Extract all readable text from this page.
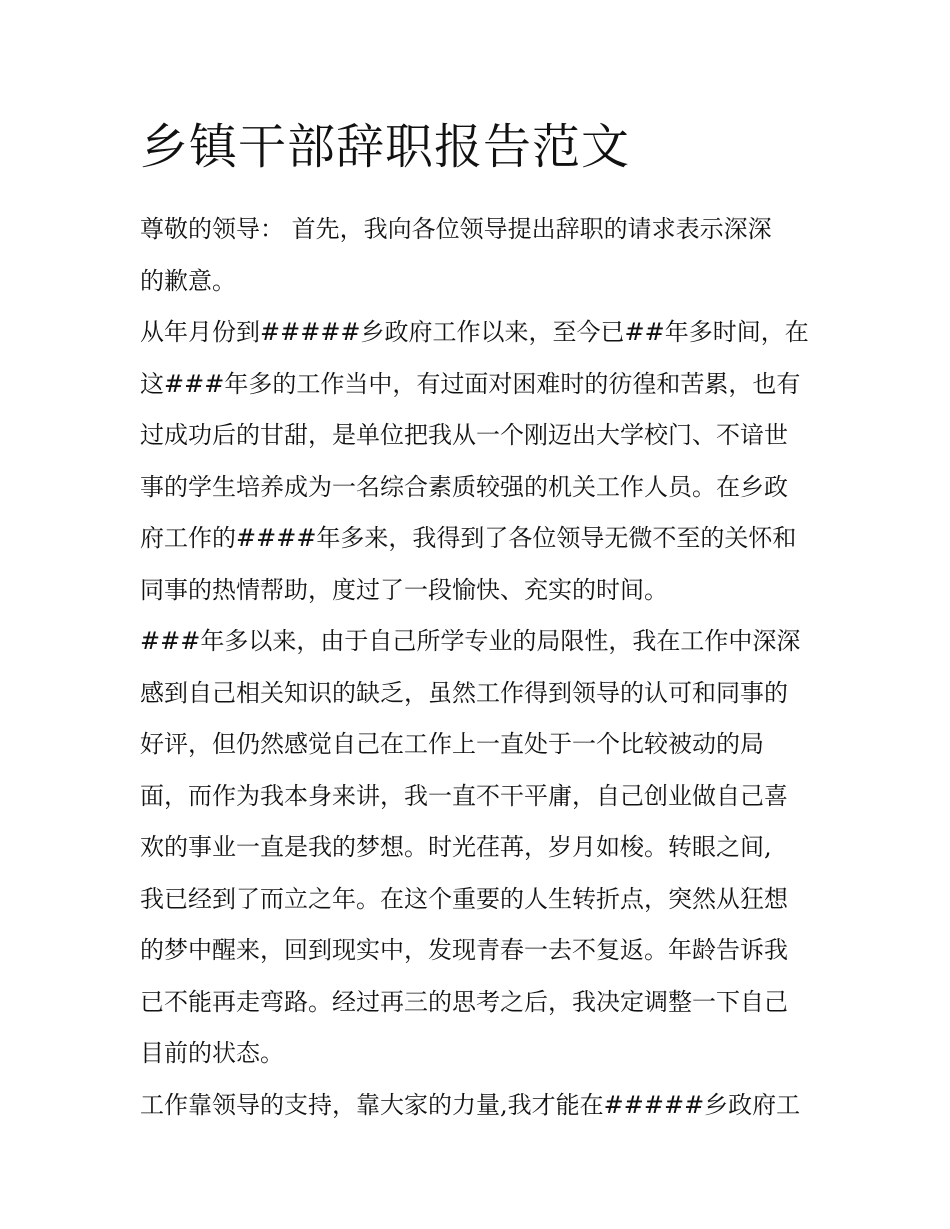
乡镇干部辞职报告范文
尊敬的领导： 首先，我向各位领导提出辞职的请求表示深深
的歉意。
从年月份到#####乡政府工作以来，至今已##年多时间，在
这###年多的工作当中，有过面对困难时的彷徨和苦累，也有
过成功后的甘甜，是单位把我从一个刚迈出大学校门、不谙世
事的学生培养成为一名综合素质较强的机关工作人员。在乡政
府工作的####年多来，我得到了各位领导无微不至的关怀和
同事的热情帮助，度过了一段愉快、充实的时间。
###年多以来，由于自己所学专业的局限性，我在工作中深深
感到自己相关知识的缺乏，虽然工作得到领导的认可和同事的
好评，但仍然感觉自己在工作上一直处于一个比较被动的局
面，而作为我本身来讲，我一直不干平庸，自己创业做自己喜
欢的事业一直是我的梦想。时光荏苒，岁月如梭。转眼之间,
我已经到了而立之年。在这个重要的人生转折点，突然从狂想
的梦中醒来，回到现实中，发现青春一去不复返。年龄告诉我
已不能再走弯路。经过再三的思考之后，我决定调整一下自己
目前的状态。
工作靠领导的支持，靠大家的力量,我才能在#####乡政府工
